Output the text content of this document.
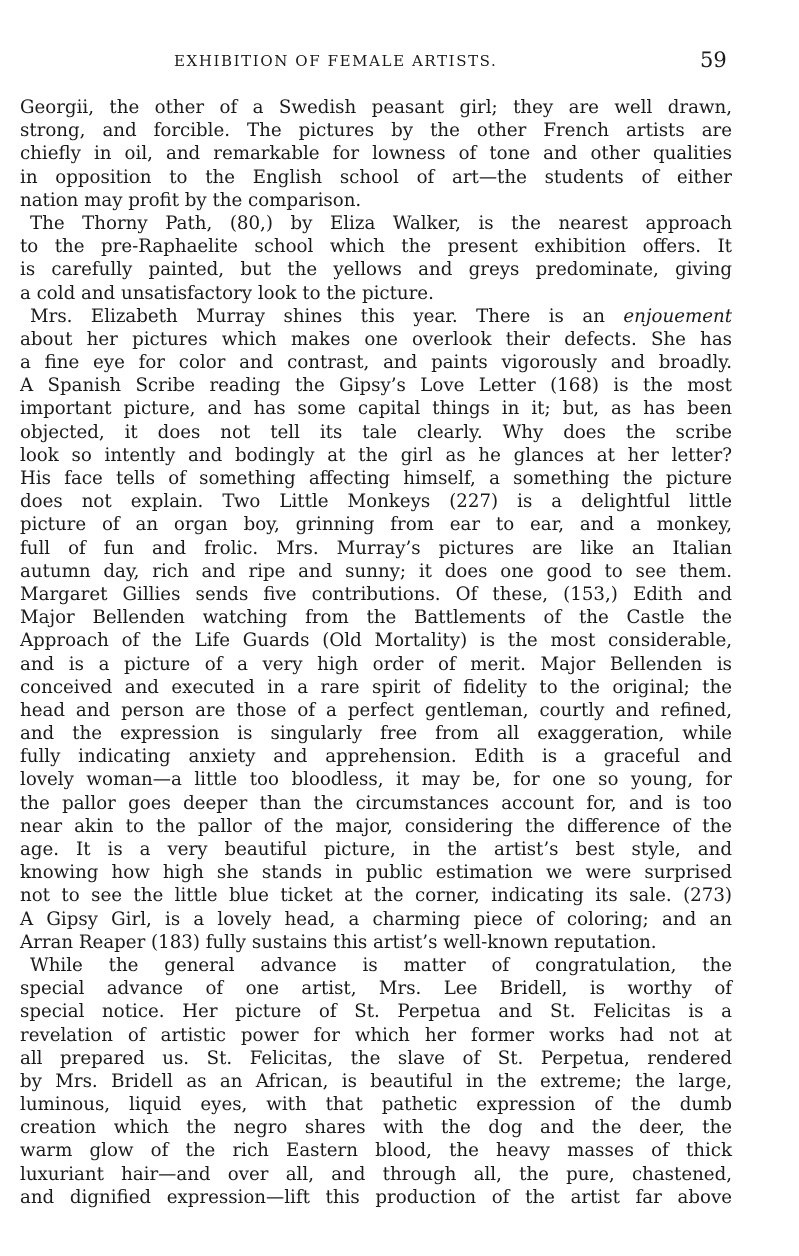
EXHIBITION OF FEMALE ARTISTS.	59
Georgii, the other of a Swedish peasant girl; they are well drawn,
strong, and forcible. The pictures by the other French artists are
chiefly in oil, and remarkable for lowness of tone and other qualities
in opposition to the English school of art—the students of either
nation may profit by the comparison.
The Thorny Path, (80,) by Eliza Walker, is the nearest approach
to the pre-Raphaelite school which the present exhibition offers. It
is carefully painted, but the yellows and greys predominate, giving
a cold and unsatisfactory look to the picture.
Mrs. Elizabeth Murray shines this year. There is an enjouement
about her pictures which makes one overlook their defects. She has
a fine eye for color and contrast, and paints vigorously and broadly.
A Spanish Scribe reading the Gipsy’s Love Letter (168) is the most
important picture, and has some capital things in it; but, as has been
objected, it does not tell its tale clearly. Why does the scribe
look so intently and bodingly at the girl as he glances at her letter?
His face tells of something affecting himself, a something the picture
does not explain. Two Little Monkeys (227) is a delightful little
picture of an organ boy, grinning from ear to ear, and a monkey,
full of fun and frolic. Mrs. Murray’s pictures are like an Italian
autumn day, rich and ripe and sunny; it does one good to see them.
Margaret Gillies sends five contributions. Of these, (153,) Edith and
Major Bellenden watching from the Battlements of the Castle the
Approach of the Life Guards (Old Mortality) is the most considerable,
and is a picture of a very high order of merit. Major Bellenden is
conceived and executed in a rare spirit of fidelity to the original; the
head and person are those of a perfect gentleman, courtly and refined,
and the expression is singularly free from all exaggeration, while
fully indicating anxiety and apprehension. Edith is a graceful and
lovely woman—a little too bloodless, it may be, for one so young, for
the pallor goes deeper than the circumstances account for, and is too
near akin to the pallor of the major, considering the difference of the
age. It is a very beautiful picture, in the artist’s best style, and
knowing how high she stands in public estimation we were surprised
not to see the little blue ticket at the corner, indicating its sale. (273)
A Gipsy Girl, is a lovely head, a charming piece of coloring; and an
Arran Reaper (183) fully sustains this artist’s well-known reputation.
While the general advance is matter of congratulation, the
special advance of one artist, Mrs. Lee Bridell, is worthy of
special notice. Her picture of St. Perpetua and St. Felicitas is a
revelation of artistic power for which her former works had not at
all prepared us. St. Felicitas, the slave of St. Perpetua, rendered
by Mrs. Bridell as an African, is beautiful in the extreme; the large,
luminous, liquid eyes, with that pathetic expression of the dumb
creation which the negro shares with the dog and the deer, the
warm glow of the rich Eastern blood, the heavy masses of thick
luxuriant hair—and over all, and through all, the pure, chastened,
and dignified expression—lift this production of the artist far above
